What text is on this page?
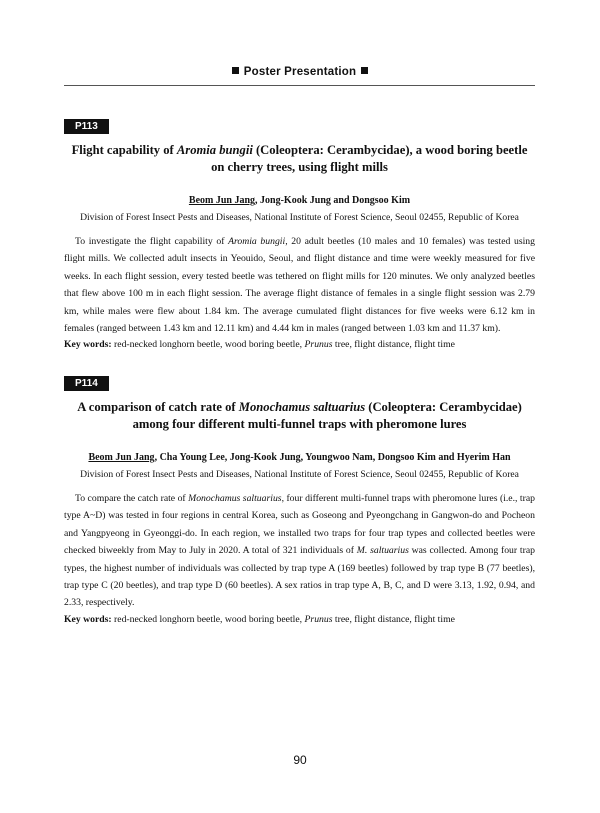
Poster Presentation
P113
Flight capability of Aromia bungii (Coleoptera: Cerambycidae), a wood boring beetle on cherry trees, using flight mills
Beom Jun Jang, Jong-Kook Jung and Dongsoo Kim
Division of Forest Insect Pests and Diseases, National Institute of Forest Science, Seoul 02455, Republic of Korea
To investigate the flight capability of Aromia bungii, 20 adult beetles (10 males and 10 females) was tested using flight mills. We collected adult insects in Yeouido, Seoul, and flight distance and time were weekly measured for five weeks. In each flight session, every tested beetle was tethered on flight mills for 120 minutes. We only analyzed beetles that flew above 100 m in each flight session. The average flight distance of females in a single flight session was 2.79 km, while males were flew about 1.84 km. The average cumulated flight distances for five weeks were 6.12 km in females (ranged between 1.43 km and 12.11 km) and 4.44 km in males (ranged between 1.03 km and 11.37 km).
Key words: red-necked longhorn beetle, wood boring beetle, Prunus tree, flight distance, flight time
P114
A comparison of catch rate of Monochamus saltuarius (Coleoptera: Cerambycidae) among four different multi-funnel traps with pheromone lures
Beom Jun Jang, Cha Young Lee, Jong-Kook Jung, Youngwoo Nam, Dongsoo Kim and Hyerim Han
Division of Forest Insect Pests and Diseases, National Institute of Forest Science, Seoul 02455, Republic of Korea
To compare the catch rate of Monochamus saltuarius, four different multi-funnel traps with pheromone lures (i.e., trap type A~D) was tested in four regions in central Korea, such as Goseong and Pyeongchang in Gangwon-do and Pocheon and Yangpyeong in Gyeonggi-do. In each region, we installed two traps for four trap types and collected beetles were checked biweekly from May to July in 2020. A total of 321 individuals of M. saltuarius was collected. Among four trap types, the highest number of individuals was collected by trap type A (169 beetles) followed by trap type B (77 beetles), trap type C (20 beetles), and trap type D (60 beetles). A sex ratios in trap type A, B, C, and D were 3.13, 1.92, 0.94, and 2.33, respectively.
Key words: red-necked longhorn beetle, wood boring beetle, Prunus tree, flight distance, flight time
90
